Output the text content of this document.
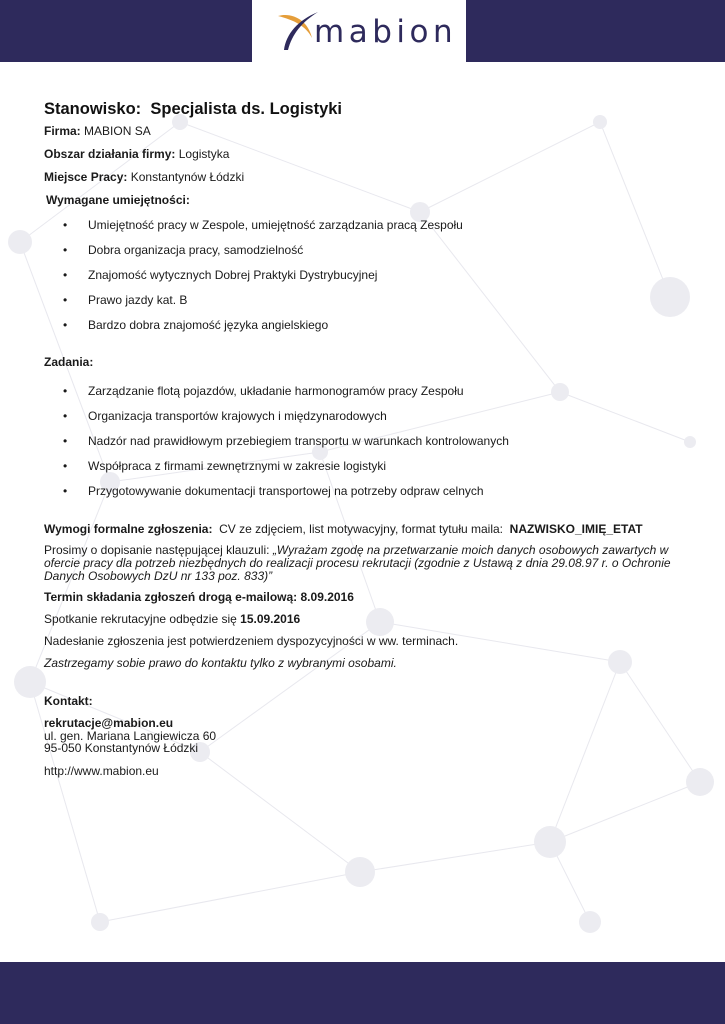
mabion
Stanowisko: Specjalista ds. Logistyki
Firma: MABION SA
Obszar działania firmy: Logistyka
Miejsce Pracy: Konstantynów Łódzki
Wymagane umiejętności:
• Umiejętność pracy w Zespole, umiejętność zarządzania pracą Zespołu
• Dobra organizacja pracy, samodzielność
• Znajomość wytycznych Dobrej Praktyki Dystrybucyjnej
• Prawo jazdy kat. B
• Bardzo dobra znajomość języka angielskiego
Zadania:
• Zarządzanie flotą pojazdów, układanie harmonogramów pracy Zespołu
• Organizacja transportów krajowych i międzynarodowych
• Nadzór nad prawidłowym przebiegiem transportu w warunkach kontrolowanych
• Współpraca z firmami zewnętrznymi w zakresie logistyki
• Przygotowywanie dokumentacji transportowej na potrzeby odpraw celnych
Wymogi formalne zgłoszenia: CV ze zdjęciem, list motywacyjny, format tytułu maila: NAZWISKO_IMIĘ_ETAT
Prosimy o dopisanie następującej klauzuli: „Wyrażam zgodę na przetwarzanie moich danych osobowych zawartych w ofercie pracy dla potrzeb niezbędnych do realizacji procesu rekrutacji (zgodnie z Ustawą z dnia 29.08.97 r. o Ochronie Danych Osobowych DzU nr 133 poz. 833)”
Termin składania zgłoszeń drogą e-mailową: 8.09.2016
Spotkanie rekrutacyjne odbędzie się 15.09.2016
Nadesłanie zgłoszenia jest potwierdzeniem dyspozycyjności w ww. terminach.
Zastrzegamy sobie prawo do kontaktu tylko z wybranymi osobami.
Kontakt:
rekrutacje@mabion.eu
ul. gen. Mariana Langiewicza 60
95-050 Konstantynów Łódzki
http://www.mabion.eu
